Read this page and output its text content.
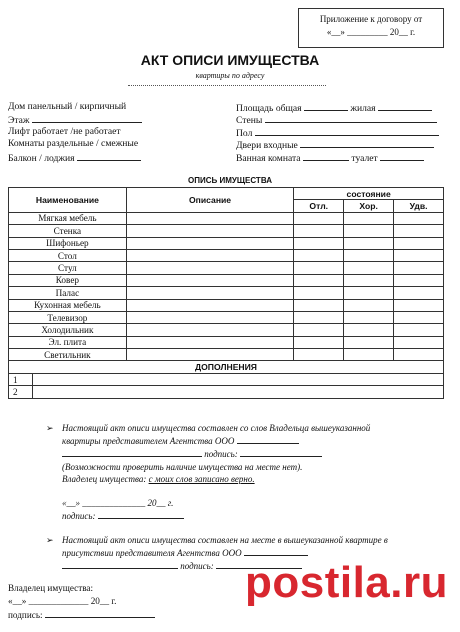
Приложение к договору от
«__» _________ 20__ г.
АКТ ОПИСИ ИМУЩЕСТВА
квартиры по адресу
Дом панельный / кирпичный
Этаж
Лифт работает /не работает
Комнаты раздельные / смежные
Балкон / лоджия
Площадь общая	жилая
Стены
Пол
Двери входные
Ванная комната	туалет
ОПИСЬ ИМУЩЕСТВА
Наименование		Описание	состояние		
			Отл.	Хор.	Удв.
Мягкая мебель					
Стенка					
Шифоньер					
Стол					
Стул					
Ковер					
Палас					
Кухонная мебель					
Телевизор					
Холодильник					
Эл. плита					
Светильник					
ДОПОЛНЕНИЯ					
1					
2					
➢ Настоящий акт описи имущества составлен со слов Владельца вышеуказанной
квартиры представителем Агентства ООО
подпись:
(Возможности проверить наличие имущества на месте нет).
Владелец имущества: с моих слов записано верно.
«__» ______________ 20__ г.
подпись:
➢ Настоящий акт описи имущества составлен на месте в вышеуказанной квартире в
присутствии представителя Агентства ООО
подпись:
Владелец имущества:
«__» _____________ 20__ г.
подпись:
postila.ru
